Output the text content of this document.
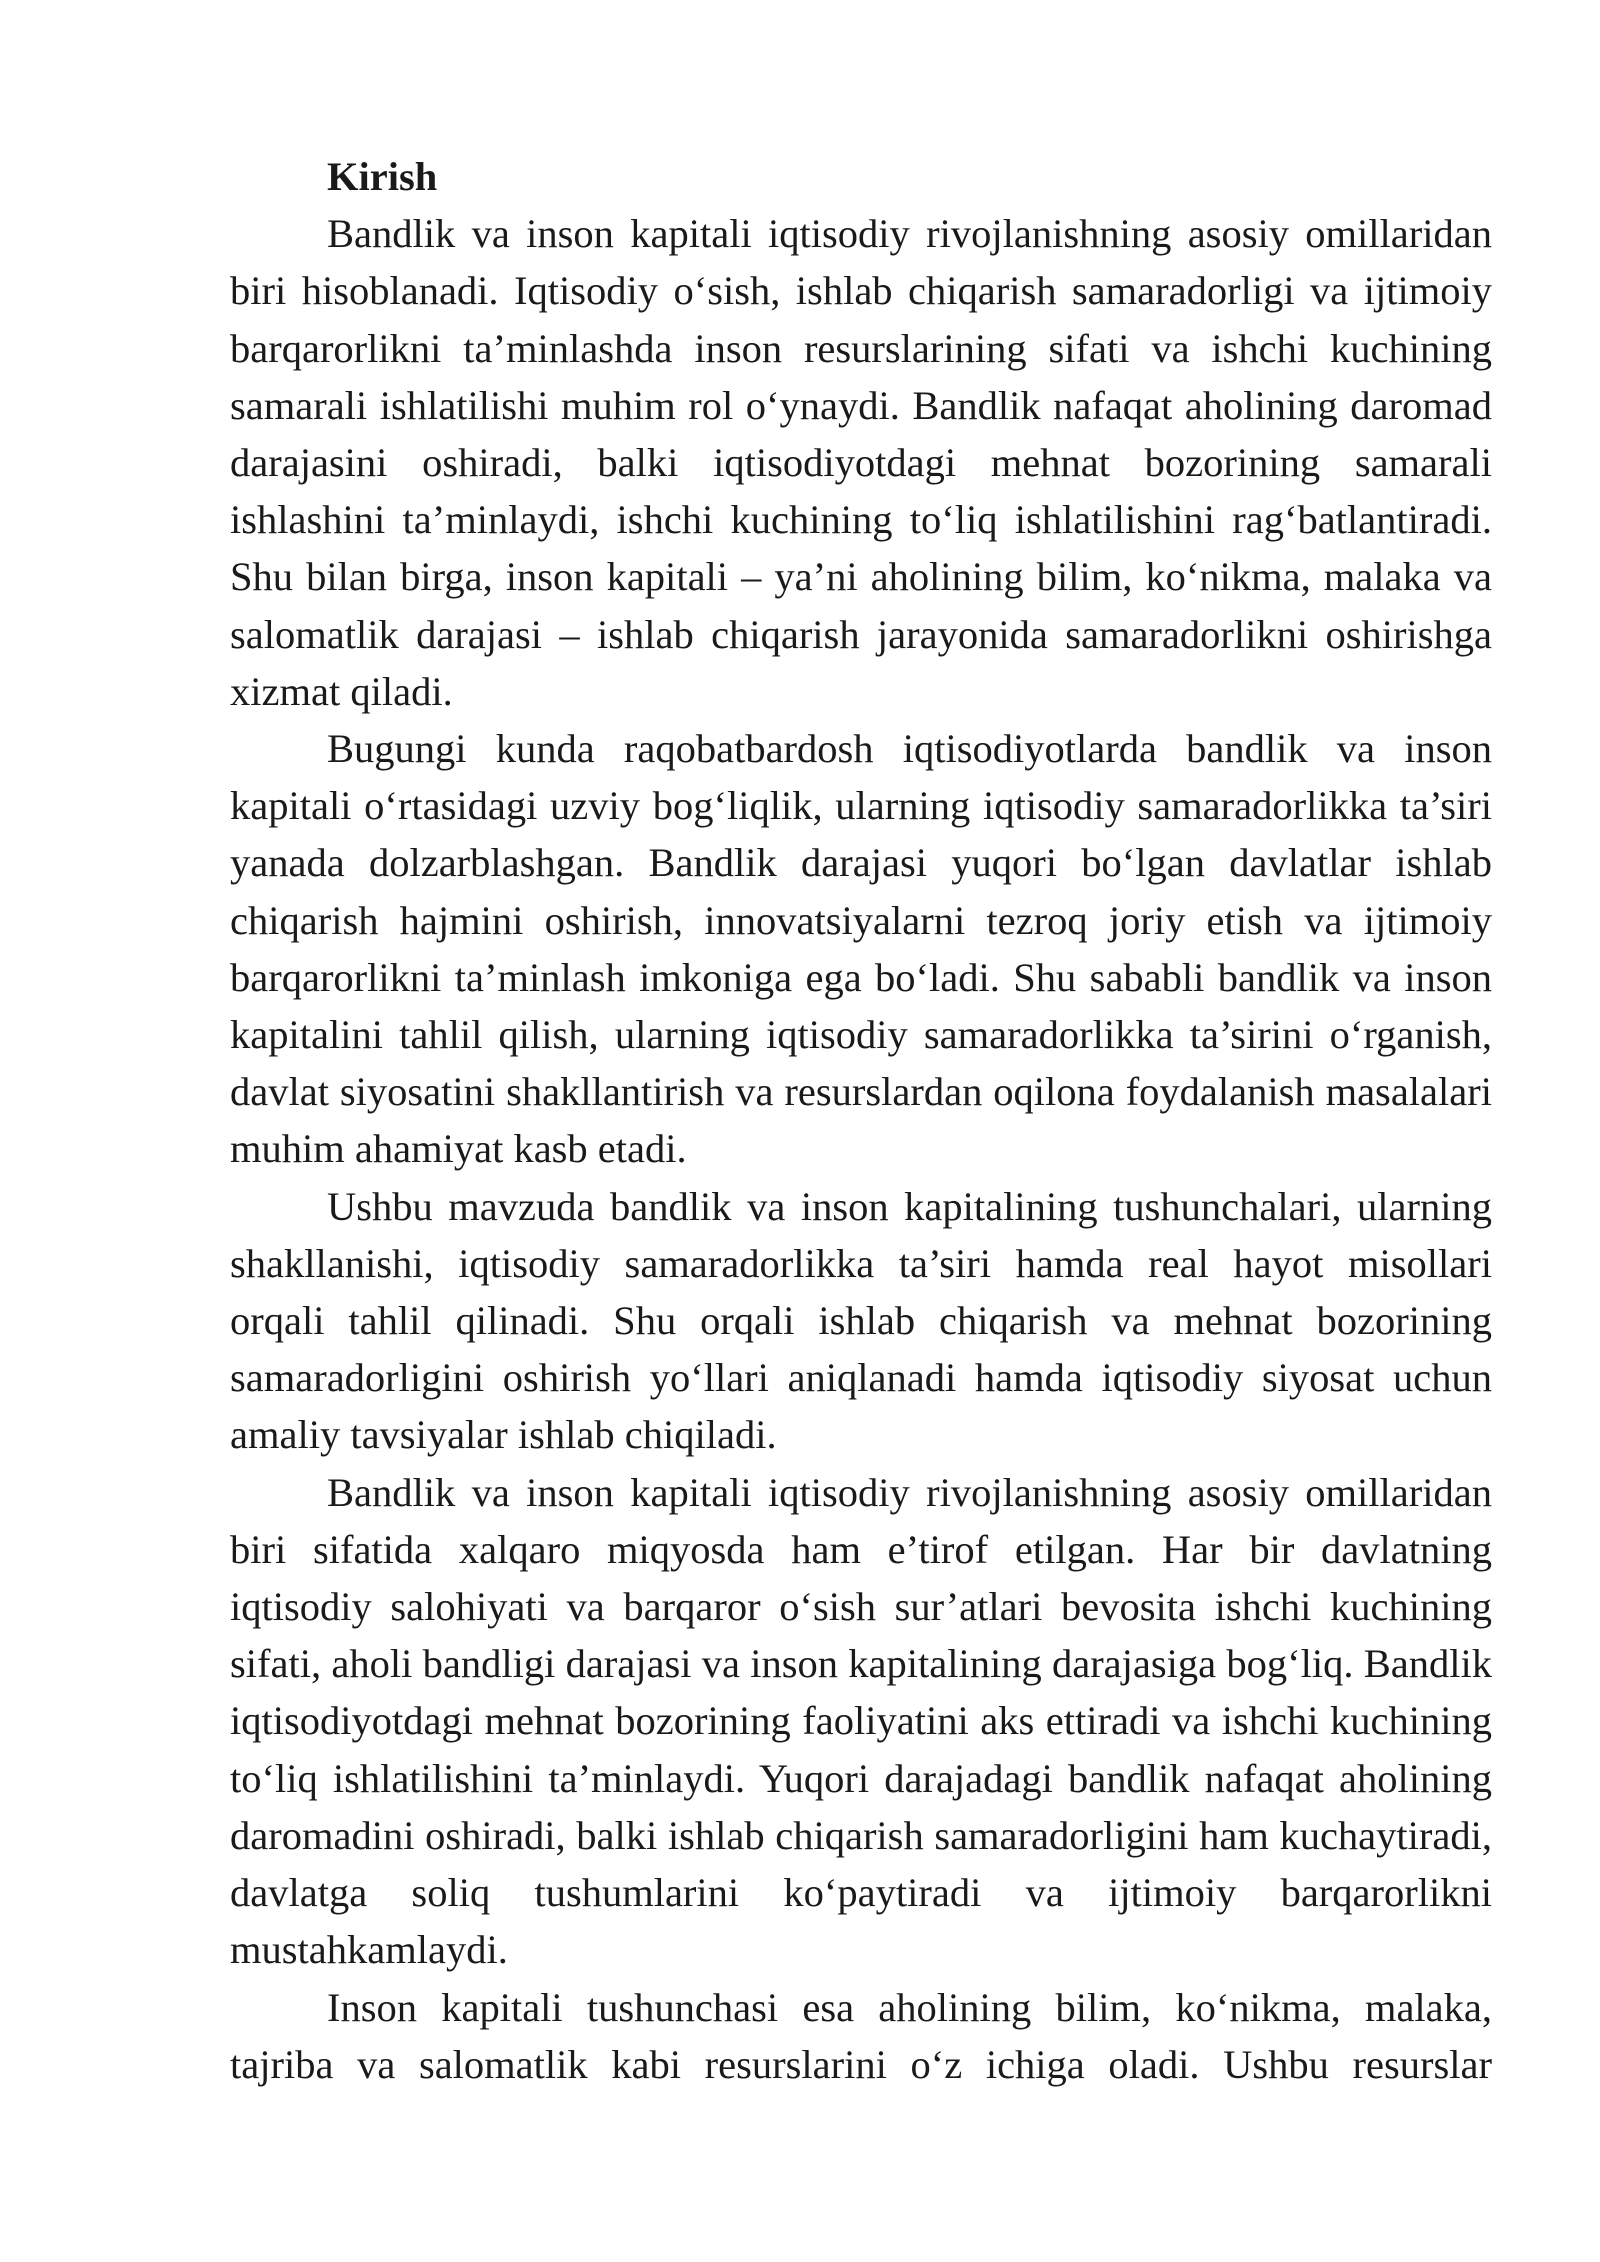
Kirish

Bandlik va inson kapitali iqtisodiy rivojlanishning asosiy omillaridan biri hisoblanadi. Iqtisodiy o‘sish, ishlab chiqarish samaradorligi va ijtimoiy barqarorlikni ta’minlashda inson resurslarining sifati va ishchi kuchining samarali ishlatilishi muhim rol o‘ynaydi. Bandlik nafaqat aholining daromad darajasini oshiradi, balki iqtisodiyotdagi mehnat bozorining samarali ishlashini ta’minlaydi, ishchi kuchining to‘liq ishlatilishini rag‘batlantiradi. Shu bilan birga, inson kapitali – ya’ni aholining bilim, ko‘nikma, malaka va salomatlik darajasi – ishlab chiqarish jarayonida samaradorlikni oshirishga xizmat qiladi.

Bugungi kunda raqobatbardosh iqtisodiyotlarda bandlik va inson kapitali o‘rtasidagi uzviy bog‘liqlik, ularning iqtisodiy samaradorlikka ta’siri yanada dolzarblashgan. Bandlik darajasi yuqori bo‘lgan davlatlar ishlab chiqarish hajmini oshirish, innovatsiyalarni tezroq joriy etish va ijtimoiy barqarorlikni ta’minlash imkoniga ega bo‘ladi. Shu sababli bandlik va inson kapitalini tahlil qilish, ularning iqtisodiy samaradorlikka ta’sirini o‘rganish, davlat siyosatini shakllantirish va resurslardan oqilona foydalanish masalalari muhim ahamiyat kasb etadi.

Ushbu mavzuda bandlik va inson kapitalining tushunchalari, ularning shakllanishi, iqtisodiy samaradorlikka ta’siri hamda real hayot misollari orqali tahlil qilinadi. Shu orqali ishlab chiqarish va mehnat bozorining samaradorligini oshirish yo‘llari aniqlanadi hamda iqtisodiy siyosat uchun amaliy tavsiyalar ishlab chiqiladi.

Bandlik va inson kapitali iqtisodiy rivojlanishning asosiy omillaridan biri sifatida xalqaro miqyosda ham e’tirof etilgan. Har bir davlatning iqtisodiy salohiyati va barqaror o‘sish sur’atlari bevosita ishchi kuchining sifati, aholi bandligi darajasi va inson kapitalining darajasiga bog‘liq. Bandlik iqtisodiyotdagi mehnat bozorining faoliyatini aks ettiradi va ishchi kuchining to‘liq ishlatilishini ta’minlaydi. Yuqori darajadagi bandlik nafaqat aholining daromadini oshiradi, balki ishlab chiqarish samaradorligini ham kuchaytiradi, davlatga soliq tushumlarini ko‘paytiradi va ijtimoiy barqarorlikni mustahkamlaydi.

Inson kapitali tushunchasi esa aholining bilim, ko‘nikma, malaka, tajriba va salomatlik kabi resurslarini o‘z ichiga oladi. Ushbu resurslar
